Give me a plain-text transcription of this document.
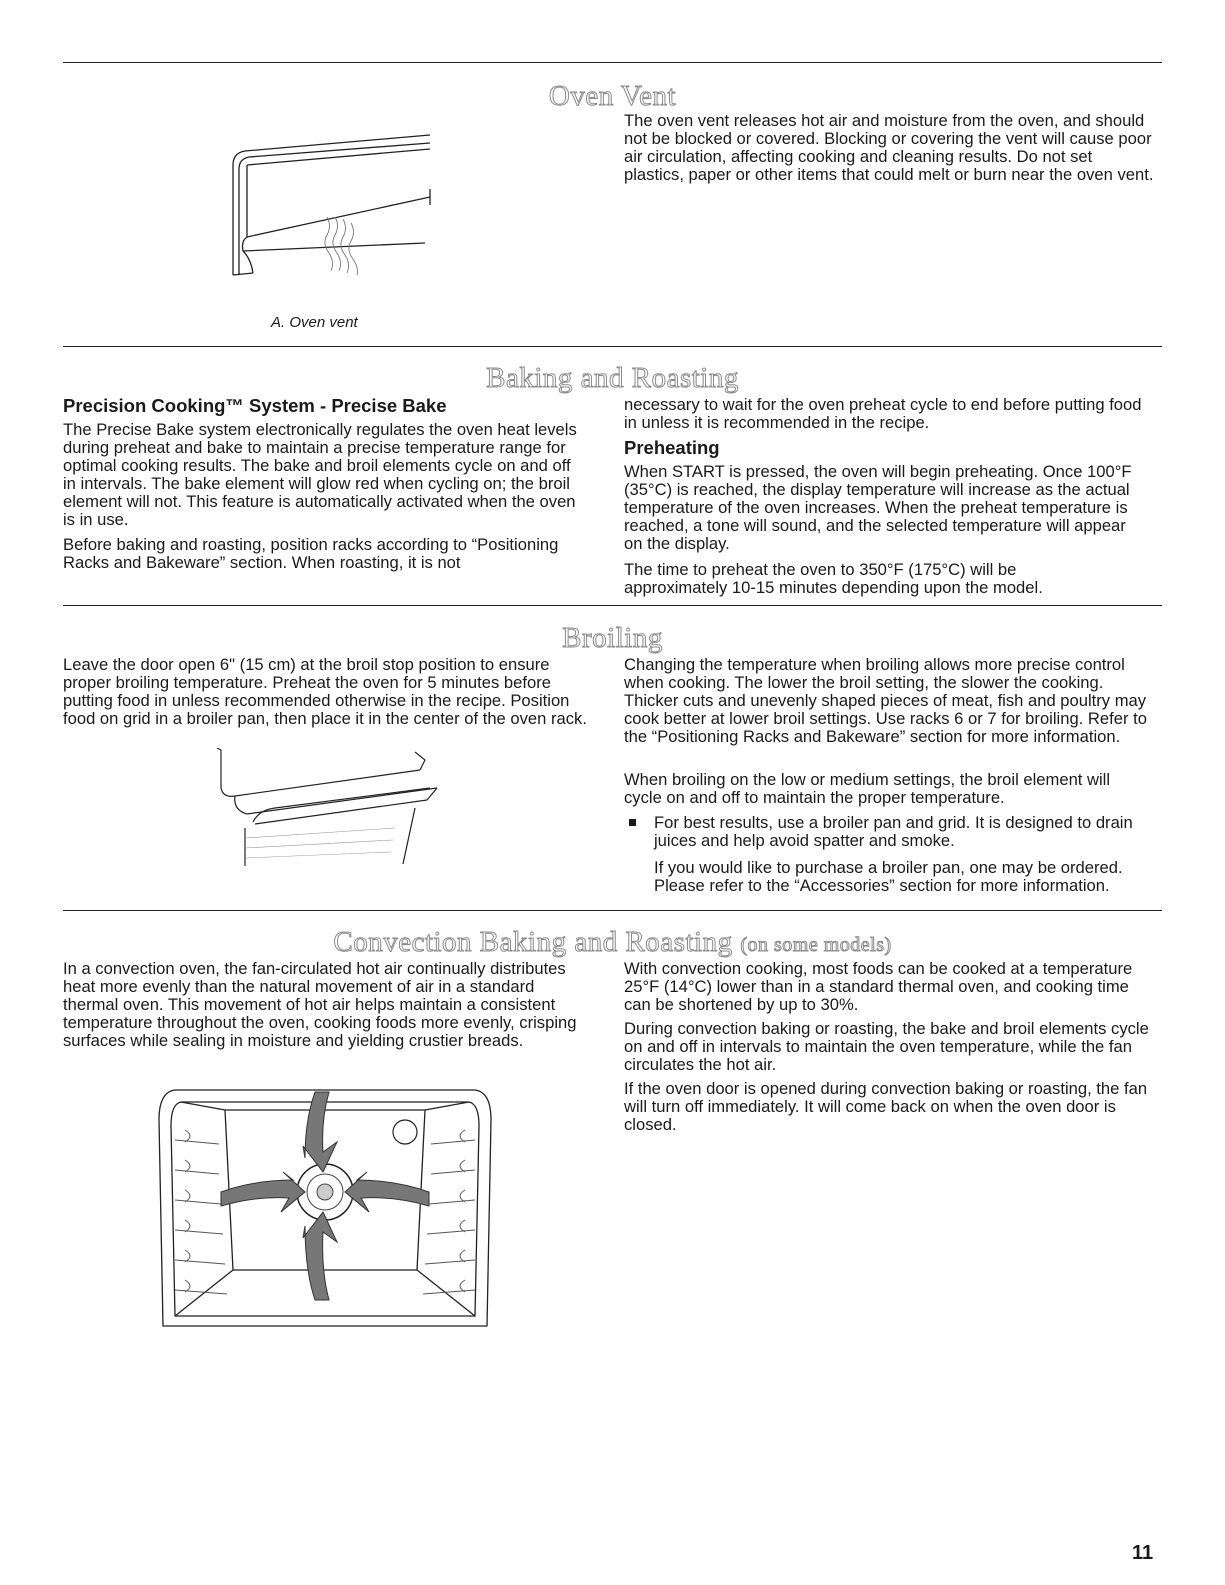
Oven Vent
A. Oven vent

The oven vent releases hot air and moisture from the oven, and should not be blocked or covered. Blocking or covering the vent will cause poor air circulation, affecting cooking and cleaning results. Do not set plastics, paper or other items that could melt or burn near the oven vent.

Baking and Roasting
Precision Cooking™ System - Precise Bake

The Precise Bake system electronically regulates the oven heat levels during preheat and bake to maintain a precise temperature range for optimal cooking results. The bake and broil elements cycle on and off in intervals. The bake element will glow red when cycling on; the broil element will not. This feature is automatically activated when the oven is in use.

Before baking and roasting, position racks according to “Positioning Racks and Bakeware” section. When roasting, it is not

Preheating

When START is pressed, the oven will begin preheating. Once 100°F (35°C) is reached, the display temperature will increase as the actual temperature of the oven increases. When the preheat temperature is reached, a tone will sound, and the selected temperature will appear on the display.

The time to preheat the oven to 350°F (175°C) will be approximately 10-15 minutes depending upon the model.

Broiling

Leave the door open 6" (15 cm) at the broil stop position to ensure proper broiling temperature. Preheat the oven for 5 minutes before putting food in unless recommended otherwise in the recipe. Position food on grid in a broiler pan, then place it in the center of the oven rack.

Changing the temperature when broiling allows more precise control when cooking. The lower the broil setting, the slower the cooking. Thicker cuts and unevenly shaped pieces of meat, fish and poultry may cook better at lower broil settings. Use racks 6 or 7 for broiling. Refer to the “Positioning Racks and Bakeware” section for more information.

When broiling on the low or medium settings, the broil element will cycle on and off to maintain the proper temperature.

For best results, use a broiler pan and grid. It is designed to drain juices and help avoid spatter and smoke.

If you would like to purchase a broiler pan, one may be ordered. Please refer to the “Accessories” section for more information.

Convection Baking and Roasting (on some models)

In a convection oven, the fan-circulated hot air continually distributes heat more evenly than the natural movement of air in a standard thermal oven. This movement of hot air helps maintain a consistent temperature throughout the oven, cooking foods more evenly, crisping surfaces while sealing in moisture and yielding crustier breads.

With convection cooking, most foods can be cooked at a temperature 25°F (14°C) lower than in a standard thermal oven, and cooking time can be shortened by up to 30%.

During convection baking or roasting, the bake and broil elements cycle on and off in intervals to maintain the oven temperature, while the fan circulates the hot air.

If the oven door is opened during convection baking or roasting, the fan will turn off immediately. It will come back on when the oven door is closed.

11

necessary to wait for the oven preheat cycle to end before putting food in unless it is recommended in the recipe.
